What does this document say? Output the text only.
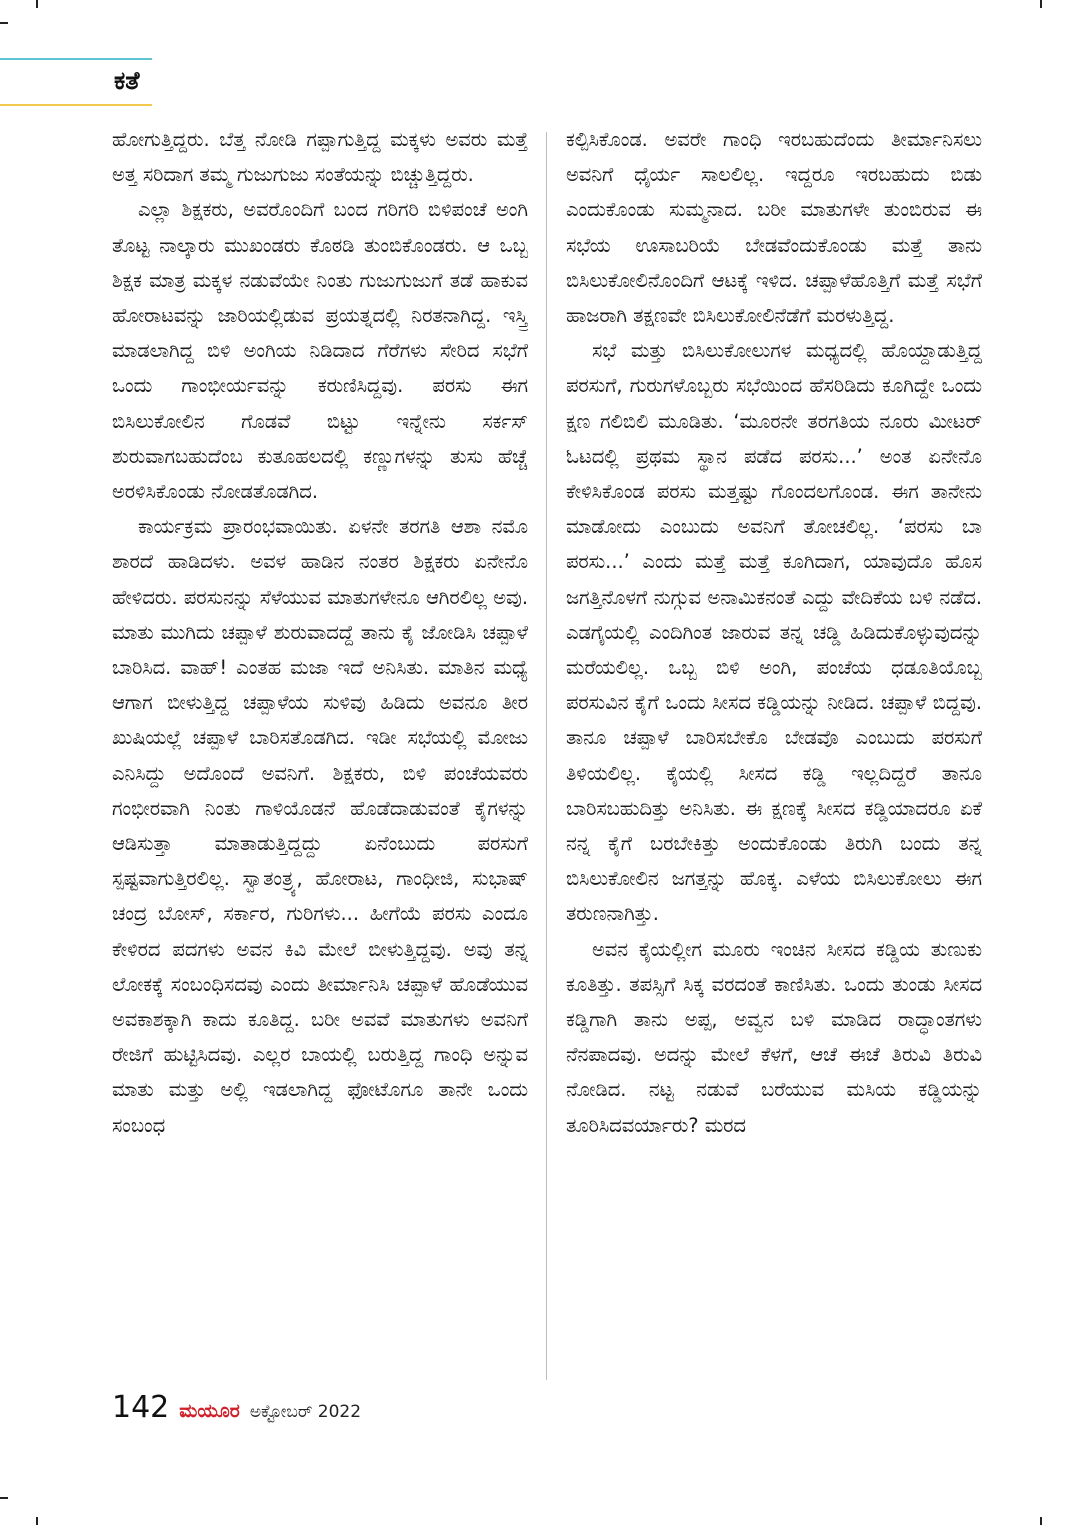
ಕತೆ

ಹೋಗುತ್ತಿದ್ದರು. ಬೆತ್ತ ನೋಡಿ ಗಪ್ಪಾಗುತ್ತಿದ್ದ ಮಕ್ಕಳು ಅವರು ಮತ್ತೆ ಅತ್ತ ಸರಿದಾಗ ತಮ್ಮ ಗುಜುಗುಜು ಸಂತೆಯನ್ನು ಬಿಚ್ಚುತ್ತಿದ್ದರು.

ಎಲ್ಲಾ ಶಿಕ್ಷಕರು, ಅವರೊಂದಿಗೆ ಬಂದ ಗರಿಗರಿ ಬಿಳಿಪಂಚೆ ಅಂಗಿ ತೊಟ್ಟ ನಾಲ್ಕಾರು ಮುಖಂಡರು ಕೊಠಡಿ ತುಂಬಿಕೊಂಡರು. ಆ ಒಬ್ಬ ಶಿಕ್ಷಕ ಮಾತ್ರ ಮಕ್ಕಳ ನಡುವೆಯೇ ನಿಂತು ಗುಜುಗುಜುಗೆ ತಡೆ ಹಾಕುವ ಹೋರಾಟವನ್ನು ಜಾರಿಯಲ್ಲಿಡುವ ಪ್ರಯತ್ನದಲ್ಲಿ ನಿರತನಾಗಿದ್ದ. ಇಸ್ತ್ರಿ ಮಾಡಲಾಗಿದ್ದ ಬಿಳಿ ಅಂಗಿಯ ನಿಡಿದಾದ ಗೆರೆಗಳು ಸೇರಿದ ಸಭೆಗೆ ಒಂದು ಗಾಂಭೀರ್ಯವನ್ನು ಕರುಣಿಸಿದ್ದವು. ಪರಸು ಈಗ ಬಿಸಿಲುಕೋಲಿನ ಗೊಡವೆ ಬಿಟ್ಟು ಇನ್ನೇನು ಸರ್ಕಸ್ ಶುರುವಾಗಬಹುದೆಂಬ ಕುತೂಹಲದಲ್ಲಿ ಕಣ್ಣುಗಳನ್ನು ತುಸು ಹೆಚ್ಚೆ ಅರಳಿಸಿಕೊಂಡು ನೋಡತೊಡಗಿದ.

ಕಾರ್ಯಕ್ರಮ ಪ್ರಾರಂಭವಾಯಿತು. ಏಳನೇ ತರಗತಿ ಆಶಾ ನಮೊ ಶಾರದೆ ಹಾಡಿದಳು. ಅವಳ ಹಾಡಿನ ನಂತರ ಶಿಕ್ಷಕರು ಏನೇನೊ ಹೇಳಿದರು. ಪರಸುನನ್ನು ಸೆಳೆಯುವ ಮಾತುಗಳೇನೂ ಆಗಿರಲಿಲ್ಲ ಅವು. ಮಾತು ಮುಗಿದು ಚಪ್ಪಾಳೆ ಶುರುವಾದದ್ದೆ ತಾನು ಕೈ ಜೋಡಿಸಿ ಚಪ್ಪಾಳೆ ಬಾರಿಸಿದ. ವಾಹ್! ಎಂತಹ ಮಜಾ ಇದೆ ಅನಿಸಿತು. ಮಾತಿನ ಮಧ್ಯೆ ಆಗಾಗ ಬೀಳುತ್ತಿದ್ದ ಚಪ್ಪಾಳೆಯ ಸುಳಿವು ಹಿಡಿದು ಅವನೂ ತೀರ ಖುಷಿಯಲ್ಲೆ ಚಪ್ಪಾಳೆ ಬಾರಿಸತೊಡಗಿದ. ಇಡೀ ಸಭೆಯಲ್ಲಿ ಮೋಜು ಎನಿಸಿದ್ದು ಅದೊಂದೆ ಅವನಿಗೆ. ಶಿಕ್ಷಕರು, ಬಿಳಿ ಪಂಚೆಯವರು ಗಂಭೀರವಾಗಿ ನಿಂತು ಗಾಳಿಯೊಡನೆ ಹೊಡೆದಾಡುವಂತೆ ಕೈಗಳನ್ನು ಆಡಿಸುತ್ತಾ ಮಾತಾಡುತ್ತಿದ್ದದ್ದು ಏನೆಂಬುದು ಪರಸುಗೆ ಸ್ಪಷ್ಟವಾಗುತ್ತಿರಲಿಲ್ಲ. ಸ್ವಾತಂತ್ರ್ಯ, ಹೋರಾಟ, ಗಾಂಧೀಜಿ, ಸುಭಾಷ್ ಚಂದ್ರ ಬೋಸ್, ಸರ್ಕಾರ, ಗುರಿಗಳು... ಹೀಗೆಯೆ ಪರಸು ಎಂದೂ ಕೇಳಿರದ ಪದಗಳು ಅವನ ಕಿವಿ ಮೇಲೆ ಬೀಳುತ್ತಿದ್ದವು. ಅವು ತನ್ನ ಲೋಕಕ್ಕೆ ಸಂಬಂಧಿಸದವು ಎಂದು ತೀರ್ಮಾನಿಸಿ ಚಪ್ಪಾಳೆ ಹೊಡೆಯುವ ಅವಕಾಶಕ್ಕಾಗಿ ಕಾದು ಕೂತಿದ್ದ. ಬರೀ ಅವವೆ ಮಾತುಗಳು ಅವನಿಗೆ ರೇಜಿಗೆ ಹುಟ್ಟಿಸಿದವು. ಎಲ್ಲರ ಬಾಯಲ್ಲಿ ಬರುತ್ತಿದ್ದ ಗಾಂಧಿ ಅನ್ನುವ ಮಾತು ಮತ್ತು ಅಲ್ಲಿ ಇಡಲಾಗಿದ್ದ ಫೋಟೊಗೂ ತಾನೇ ಒಂದು ಸಂಬಂಧ

ಕಲ್ಪಿಸಿಕೊಂಡ. ಅವರೇ ಗಾಂಧಿ ಇರಬಹುದೆಂದು ತೀರ್ಮಾನಿಸಲು ಅವನಿಗೆ ಧೈರ್ಯ ಸಾಲಲಿಲ್ಲ. ಇದ್ದರೂ ಇರಬಹುದು ಬಿಡು ಎಂದುಕೊಂಡು ಸುಮ್ಮನಾದ. ಬರೀ ಮಾತುಗಳೇ ತುಂಬಿರುವ ಈ ಸಭೆಯ ಊಸಾಬರಿಯೆ ಬೇಡವೆಂದುಕೊಂಡು ಮತ್ತೆ ತಾನು ಬಿಸಿಲುಕೋಲಿನೊಂದಿಗೆ ಆಟಕ್ಕೆ ಇಳಿದ. ಚಪ್ಪಾಳೆಹೊತ್ತಿಗೆ ಮತ್ತೆ ಸಭೆಗೆ ಹಾಜರಾಗಿ ತಕ್ಷಣವೇ ಬಿಸಿಲುಕೋಲಿನೆಡೆಗೆ ಮರಳುತ್ತಿದ್ದ.

ಸಭೆ ಮತ್ತು ಬಿಸಿಲುಕೋಲುಗಳ ಮಧ್ಯದಲ್ಲಿ ಹೊಯ್ದಾಡುತ್ತಿದ್ದ ಪರಸುಗೆ, ಗುರುಗಳೊಬ್ಬರು ಸಭೆಯಿಂದ ಹೆಸರಿಡಿದು ಕೂಗಿದ್ದೇ ಒಂದು ಕ್ಷಣ ಗಲಿಬಿಲಿ ಮೂಡಿತು. ‘ಮೂರನೇ ತರಗತಿಯ ನೂರು ಮೀಟರ್ ಓಟದಲ್ಲಿ ಪ್ರಥಮ ಸ್ಥಾನ ಪಡೆದ ಪರಸು...’ ಅಂತ ಏನೇನೊ ಕೇಳಿಸಿಕೊಂಡ ಪರಸು ಮತ್ತಷ್ಟು ಗೊಂದಲಗೊಂಡ. ಈಗ ತಾನೇನು ಮಾಡೋದು ಎಂಬುದು ಅವನಿಗೆ ತೋಚಲಿಲ್ಲ. ‘ಪರಸು ಬಾ ಪರಸು...’ ಎಂದು ಮತ್ತೆ ಮತ್ತೆ ಕೂಗಿದಾಗ, ಯಾವುದೊ ಹೊಸ ಜಗತ್ತಿನೊಳಗೆ ನುಗ್ಗುವ ಅನಾಮಿಕನಂತೆ ಎದ್ದು ವೇದಿಕೆಯ ಬಳಿ ನಡೆದ. ಎಡಗೈಯಲ್ಲಿ ಎಂದಿಗಿಂತ ಜಾರುವ ತನ್ನ ಚಡ್ಡಿ ಹಿಡಿದುಕೊಳ್ಳುವುದನ್ನು ಮರೆಯಲಿಲ್ಲ. ಒಬ್ಬ ಬಿಳಿ ಅಂಗಿ, ಪಂಚೆಯ ಧಡೂತಿಯೊಬ್ಬ ಪರಸುವಿನ ಕೈಗೆ ಒಂದು ಸೀಸದ ಕಡ್ಡಿಯನ್ನು ನೀಡಿದ. ಚಪ್ಪಾಳೆ ಬಿದ್ದವು. ತಾನೂ ಚಪ್ಪಾಳೆ ಬಾರಿಸಬೇಕೊ ಬೇಡವೊ ಎಂಬುದು ಪರಸುಗೆ ತಿಳಿಯಲಿಲ್ಲ. ಕೈಯಲ್ಲಿ ಸೀಸದ ಕಡ್ಡಿ ಇಲ್ಲದಿದ್ದರೆ ತಾನೂ ಬಾರಿಸಬಹುದಿತ್ತು ಅನಿಸಿತು. ಈ ಕ್ಷಣಕ್ಕೆ ಸೀಸದ ಕಡ್ಡಿಯಾದರೂ ಏಕೆ ನನ್ನ ಕೈಗೆ ಬರಬೇಕಿತ್ತು ಅಂದುಕೊಂಡು ತಿರುಗಿ ಬಂದು ತನ್ನ ಬಿಸಿಲುಕೋಲಿನ ಜಗತ್ತನ್ನು ಹೊಕ್ಕ. ಎಳೆಯ ಬಿಸಿಲುಕೋಲು ಈಗ ತರುಣನಾಗಿತ್ತು.

ಅವನ ಕೈಯಲ್ಲೀಗ ಮೂರು ಇಂಚಿನ ಸೀಸದ ಕಡ್ಡಿಯ ತುಣುಕು ಕೂತಿತ್ತು. ತಪಸ್ಸಿಗೆ ಸಿಕ್ಕ ವರದಂತೆ ಕಾಣಿಸಿತು. ಒಂದು ತುಂಡು ಸೀಸದ ಕಡ್ಡಿಗಾಗಿ ತಾನು ಅಪ್ಪ, ಅವ್ವನ ಬಳಿ ಮಾಡಿದ ರಾದ್ಧಾಂತಗಳು ನೆನಪಾದವು. ಅದನ್ನು ಮೇಲೆ ಕೆಳಗೆ, ಆಚೆ ಈಚೆ ತಿರುವಿ ತಿರುವಿ ನೋಡಿದ. ನಟ್ಟ ನಡುವೆ ಬರೆಯುವ ಮಸಿಯ ಕಡ್ಡಿಯನ್ನು ತೂರಿಸಿದವರ್ಯಾರು? ಮರದ

142 ಮಯೂರ ಅಕ್ಟೋಬರ್ 2022
